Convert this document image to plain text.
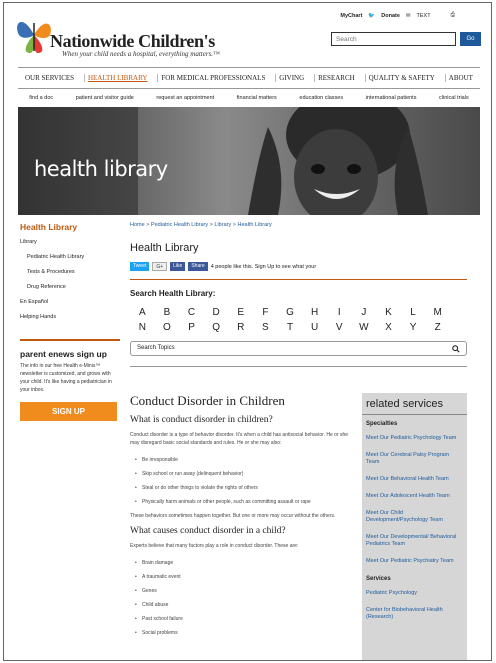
MyChart 🐦 Donate ✉ TEXT	⎙
Nationwide Children's
When your child needs a hospital, everything matters.™
Search
Go
OUR SERVICES	HEALTH LIBRARY	FOR MEDICAL PROFESSIONALS	GIVING	RESEARCH	QUALITY & SAFETY	ABOUT
find a doc	patient and visitor guide	request an appointment	financial matters	education classes	international patients	clinical trials
health library
Health Library
Library
Pediatric Health Library
Tests & Procedures
Drug Reference
En Español
Helping Hands
parent enews sign up

The info in our free Health e-Minis™ newsletter is customized, and grows with your child. It's like having a pediatrician in your inbox.

SIGN UP
Home > Pediatric Health Library > Library > Health Library
Health Library
Tweet	G+	Like	Share	4 people like this. Sign Up to see what your
Search Health Library:
A	B	C	D	E	F	G	H	I	J	K	L	M
N	O	P	Q	R	S	T	U	V	W	X	Y	Z
Search Topics
Conduct Disorder in Children
What is conduct disorder in children?

Conduct disorder is a type of behavior disorder. It's when a child has antisocial behavior. He or she may disregard basic social standards and rules. He or she may also:

• Be irresponsible
• Skip school or run away (delinquent behavior)
• Steal or do other things to violate the rights of others
• Physically harm animals or other people, such as committing assault or rape

These behaviors sometimes happen together. But one or more may occur without the others.

What causes conduct disorder in a child?

Experts believe that many factors play a role in conduct disorder. These are:

• Brain damage
• A traumatic event
• Genes
• Child abuse
• Past school failure
• Social problems
related services
Specialties
Meet Our Pediatric Psychology Team
Meet Our Cerebral Palsy Program Team
Meet Our Behavioral Health Team
Meet Our Adolescent Health Team
Meet Our Child Development/Psychology Team
Meet Our Developmental/ Behavioral Pediatrics Team
Meet Our Pediatric Psychiatry Team
Services
Pediatric Psychology
Center for Biobehavioral Health (Research)
